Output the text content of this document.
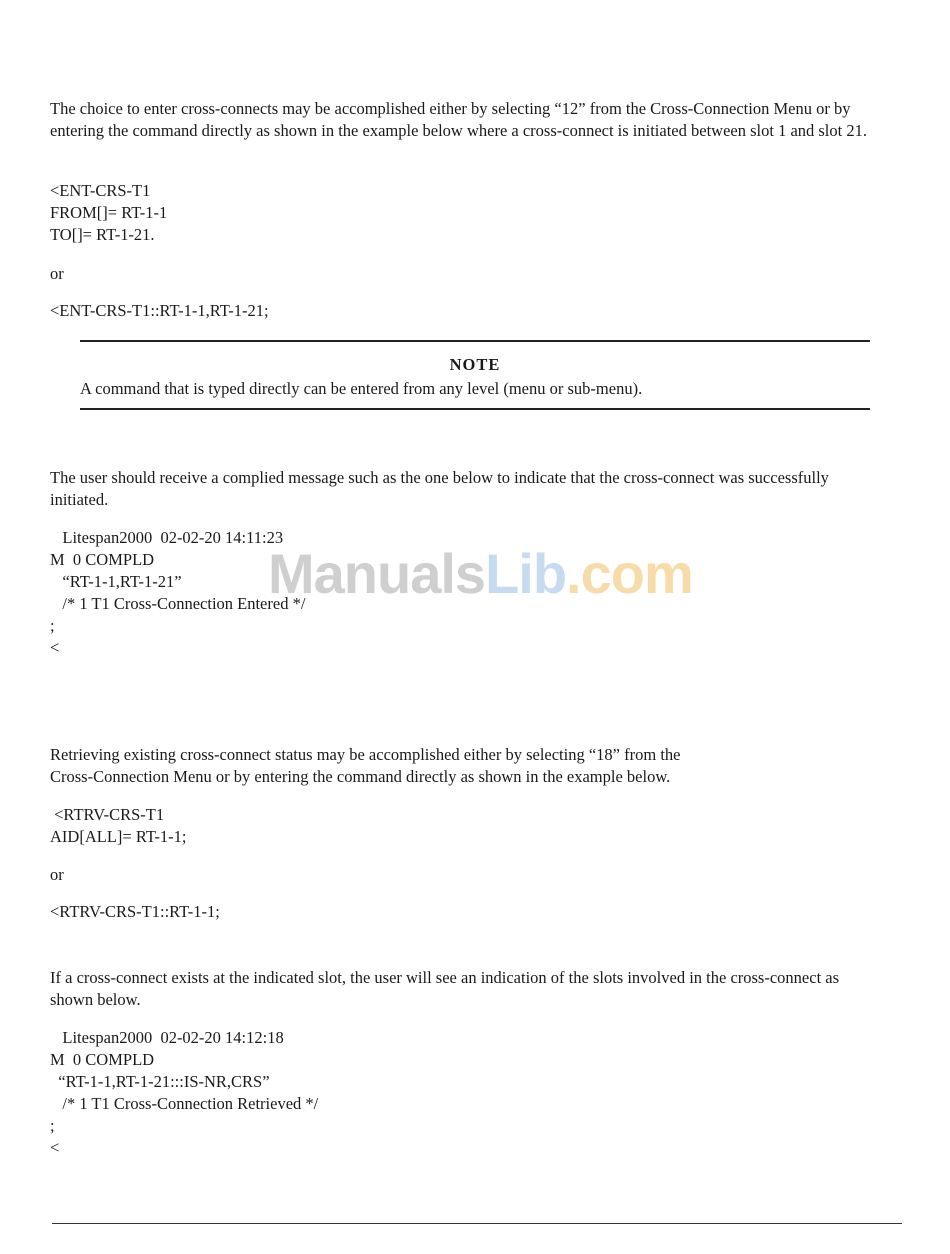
The choice to enter cross-connects may be accomplished either by selecting “12” from the Cross-Connection Menu or by entering the command directly as shown in the example below where a cross-connect is initiated between slot 1 and slot 21.

<ENT-CRS-T1
FROM[]= RT-1-1
TO[]= RT-1-21.
or
<ENT-CRS-T1::RT-1-1,RT-1-21;
NOTE
A command that is typed directly can be entered from any level (menu or sub-menu).

The user should receive a complied message such as the one below to indicate that the cross-connect was successfully initiated.

Litespan2000  02-02-20 14:11:23
M  0 COMPLD
“RT-1-1,RT-1-21”
/* 1 T1 Cross-Connection Entered */
;
<
ManualsLib.com
Retrieving existing cross-connect status may be accomplished either by selecting “18” from the
Cross-Connection Menu or by entering the command directly as shown in the example below.
<RTRV-CRS-T1
AID[ALL]= RT-1-1;
or
<RTRV-CRS-T1::RT-1-1;

If a cross-connect exists at the indicated slot, the user will see an indication of the slots involved in the cross-connect as shown below.

Litespan2000  02-02-20 14:12:18
M  0 COMPLD
“RT-1-1,RT-1-21:::IS-NR,CRS”
/* 1 T1 Cross-Connection Retrieved */
;
<
